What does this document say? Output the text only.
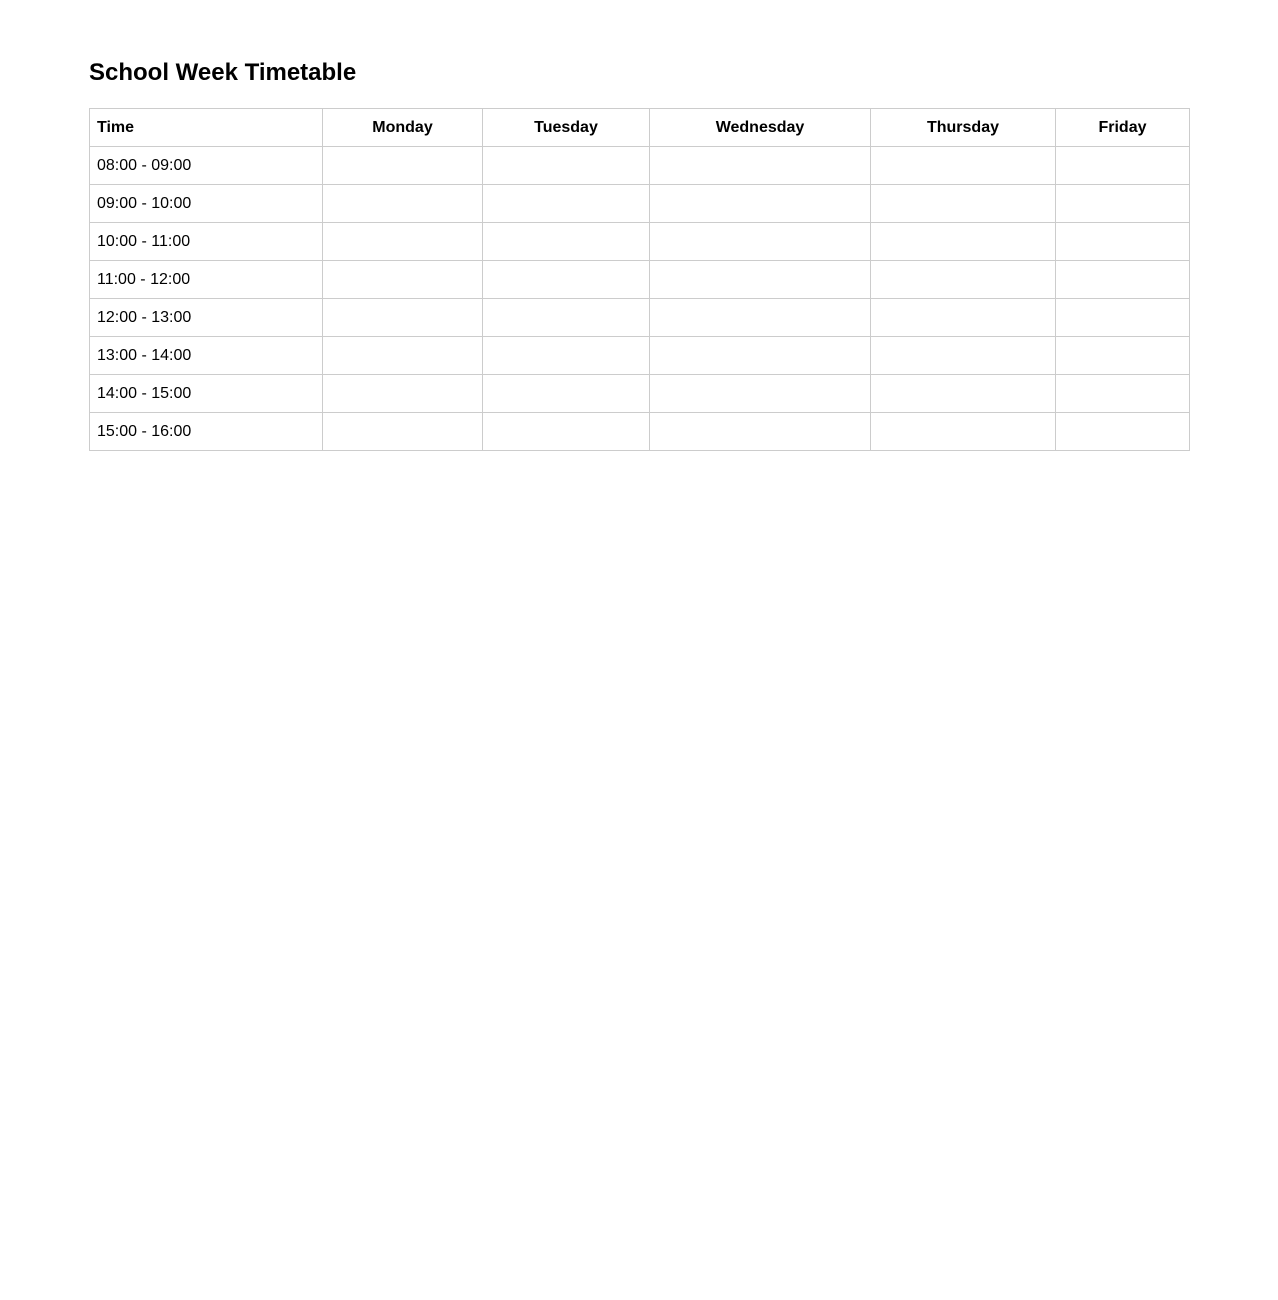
School Week Timetable
Time	Monday	Tuesday	Wednesday	Thursday	Friday
08:00 - 09:00					
09:00 - 10:00					
10:00 - 11:00					
11:00 - 12:00					
12:00 - 13:00					
13:00 - 14:00					
14:00 - 15:00					
15:00 - 16:00					
